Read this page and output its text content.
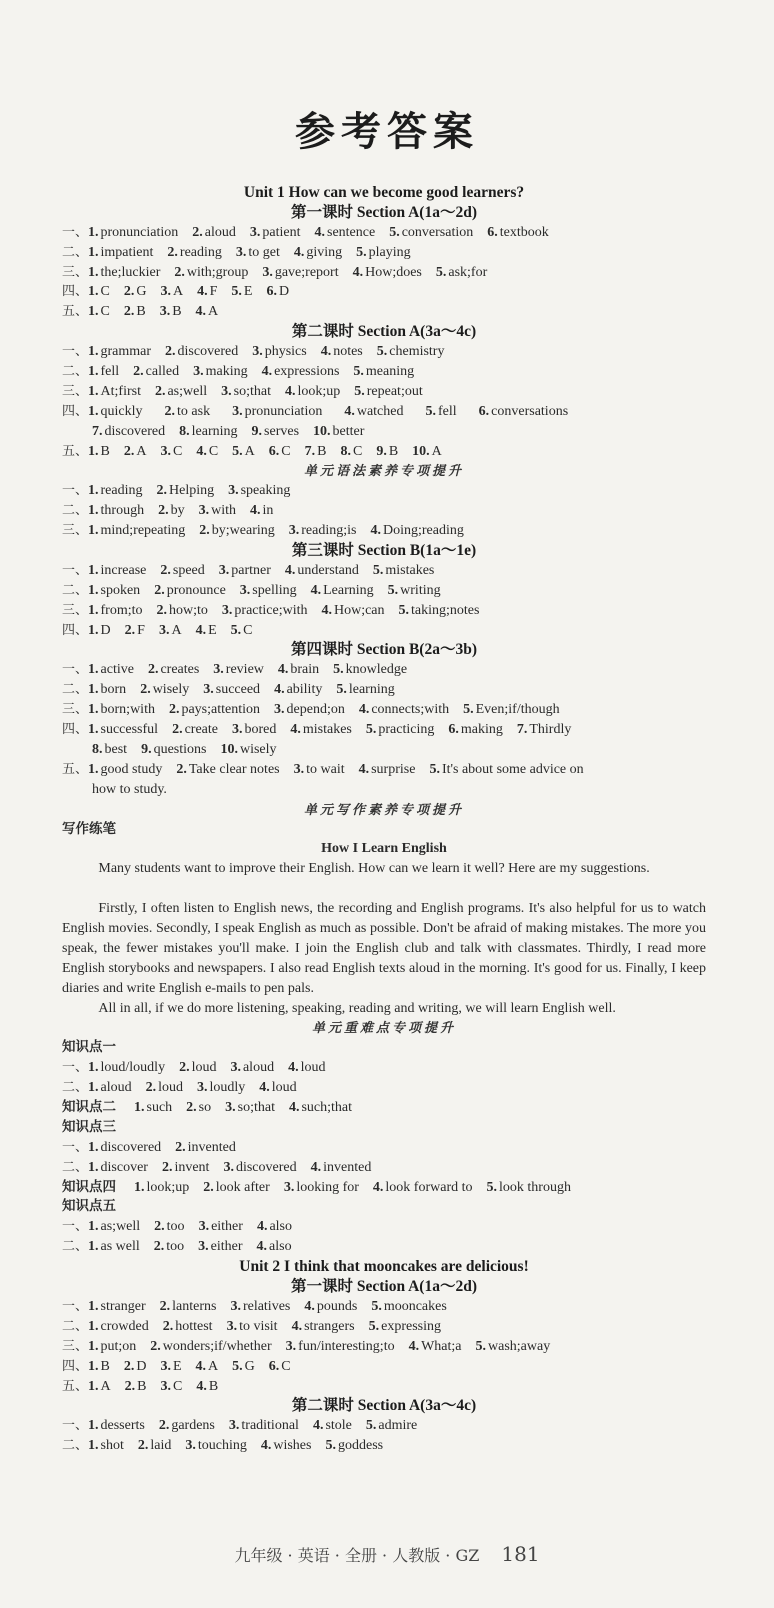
参考答案
Unit 1 How can we become good learners?
第一课时 Section A(1a～2d)
一、1. pronunciation 2. aloud 3. patient 4. sentence 5. conversation 6. textbook
二、1. impatient 2. reading 3. to get 4. giving 5. playing
三、1. the;luckier 2. with;group 3. gave;report 4. How;does 5. ask;for
四、1. C 2. G 3. A 4. F 5. E 6. D
五、1. C 2. B 3. B 4. A
第二课时 Section A(3a～4c)
一、1. grammar 2. discovered 3. physics 4. notes 5. chemistry
二、1. fell 2. called 3. making 4. expressions 5. meaning
三、1. At;first 2. as;well 3. so;that 4. look;up 5. repeat;out
四、1. quickly 2. to ask 3. pronunciation 4. watched 5. fell 6. conversations
7. discovered 8. learning 9. serves 10. better
五、1. B 2. A 3. C 4. C 5. A 6. C 7. B 8. C 9. B 10. A
单元语法素养专项提升
一、1. reading 2. Helping 3. speaking
二、1. through 2. by 3. with 4. in
三、1. mind;repeating 2. by;wearing 3. reading;is 4. Doing;reading
第三课时 Section B(1a～1e)
一、1. increase 2. speed 3. partner 4. understand 5. mistakes
二、1. spoken 2. pronounce 3. spelling 4. Learning 5. writing
三、1. from;to 2. how;to 3. practice;with 4. How;can 5. taking;notes
四、1. D 2. F 3. A 4. E 5. C
第四课时 Section B(2a～3b)
一、1. active 2. creates 3. review 4. brain 5. knowledge
二、1. born 2. wisely 3. succeed 4. ability 5. learning
三、1. born;with 2. pays;attention 3. depend;on 4. connects;with 5. Even;if/though
四、1. successful 2. create 3. bored 4. mistakes 5. practicing 6. making 7. Thirdly
8. best 9. questions 10. wisely
五、1. good study 2. Take clear notes 3. to wait 4. surprise 5. It's about some advice on
how to study.
单元写作素养专项提升
写作练笔
How I Learn English
Many students want to improve their English. How can we learn it well? Here are my suggestions.
Firstly, I often listen to English news, the recording and English programs. It's also helpful for us to watch English movies. Secondly, I speak English as much as possible. Don't be afraid of making mistakes. The more you speak, the fewer mistakes you'll make. I join the English club and talk with classmates. Thirdly, I read more English storybooks and newspapers. I also read English texts aloud in the morning. It's good for us. Finally, I keep diaries and write English e-mails to pen pals.
All in all, if we do more listening, speaking, reading and writing, we will learn English well.
单元重难点专项提升
知识点一
一、1. loud/loudly 2. loud 3. aloud 4. loud
二、1. aloud 2. loud 3. loudly 4. loud
知识点二 1. such 2. so 3. so;that 4. such;that
知识点三
一、1. discovered 2. invented
二、1. discover 2. invent 3. discovered 4. invented
知识点四 1. look;up 2. look after 3. looking for 4. look forward to 5. look through
知识点五
一、1. as;well 2. too 3. either 4. also
二、1. as well 2. too 3. either 4. also
Unit 2 I think that mooncakes are delicious!
第一课时 Section A(1a～2d)
一、1. stranger 2. lanterns 3. relatives 4. pounds 5. mooncakes
二、1. crowded 2. hottest 3. to visit 4. strangers 5. expressing
三、1. put;on 2. wonders;if/whether 3. fun/interesting;to 4. What;a 5. wash;away
四、1. B 2. D 3. E 4. A 5. G 6. C
五、1. A 2. B 3. C 4. B
第二课时 Section A(3a～4c)
一、1. desserts 2. gardens 3. traditional 4. stole 5. admire
二、1. shot 2. laid 3. touching 4. wishes 5. goddess
九年级 · 英语 · 全册 · 人教版 · GZ 181
